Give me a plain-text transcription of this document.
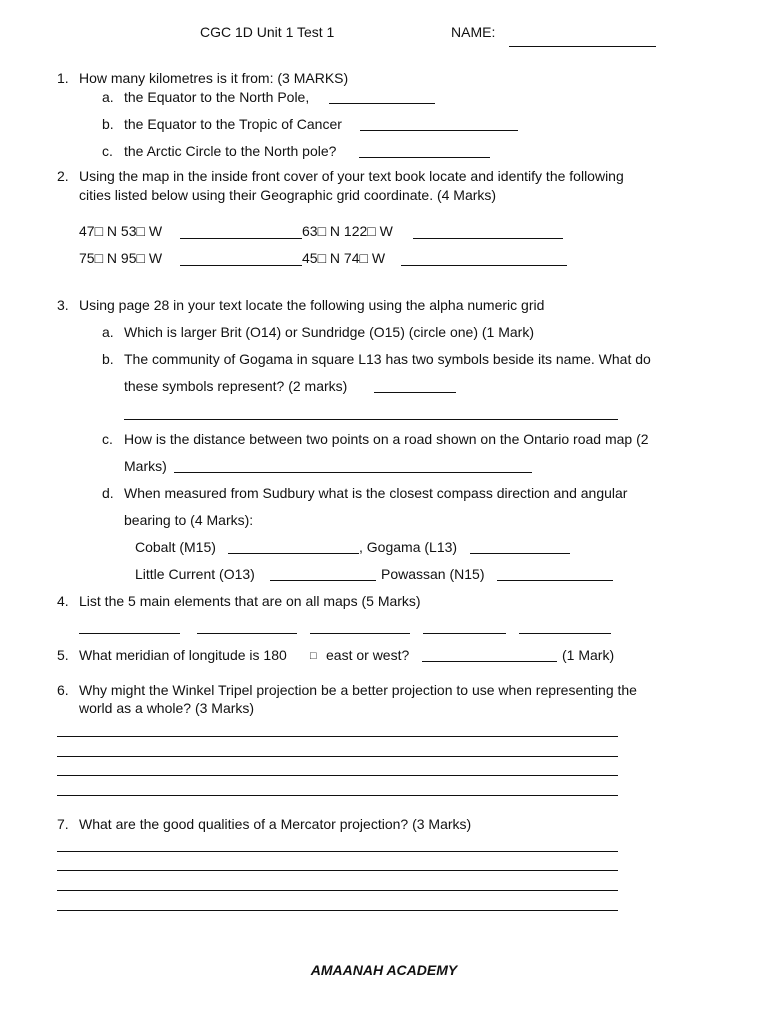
CGC 1D Unit 1 Test 1	NAME:
1. How many kilometres is it from: (3 MARKS)
a. the Equator to the North Pole,
b. the Equator to the Tropic of Cancer
c. the Arctic Circle to the North pole?
2. Using the map in the inside front cover of your text book locate and identify the following
cities listed below using their Geographic grid coordinate. (4 Marks)
47□ N 53□ W	63□ N 122□ W
75□ N 95□ W	45□ N 74□ W
3. Using page 28 in your text locate the following using the alpha numeric grid
a. Which is larger Brit (O14) or Sundridge (O15) (circle one) (1 Mark)
b. The community of Gogama in square L13 has two symbols beside its name. What do
these symbols represent? (2 marks)
c. How is the distance between two points on a road shown on the Ontario road map (2
Marks)
d. When measured from Sudbury what is the closest compass direction and angular
bearing to (4 Marks):
Cobalt (M15)	, Gogama (L13)
Little Current (O13)	Powassan (N15)
4. List the 5 main elements that are on all maps (5 Marks)
5. What meridian of longitude is 180 □ east or west?	(1 Mark)
6. Why might the Winkel Tripel projection be a better projection to use when representing the
world as a whole? (3 Marks)
7. What are the good qualities of a Mercator projection? (3 Marks)
AMAANAH ACADEMY
